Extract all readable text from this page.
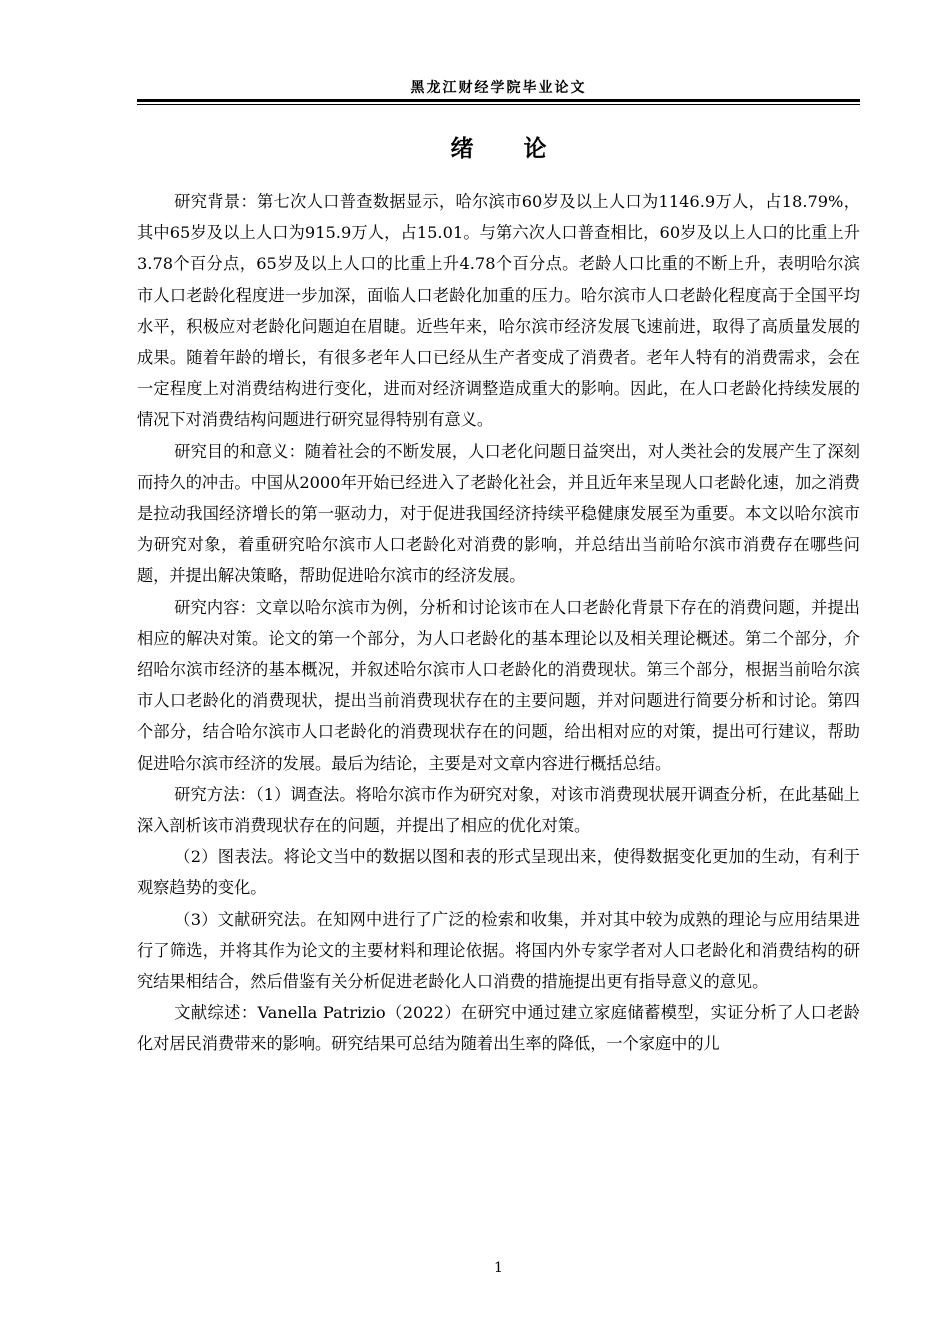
黑龙江财经学院毕业论文
绪 论

研究背景：第七次人口普查数据显示，哈尔滨市60岁及以上人口为1146.9万人，占18.79%，其中65岁及以上人口为915.9万人，占15.01。与第六次人口普查相比，60岁及以上人口的比重上升3.78个百分点，65岁及以上人口的比重上升4.78个百分点。老龄人口比重的不断上升，表明哈尔滨市人口老龄化程度进一步加深，面临人口老龄化加重的压力。哈尔滨市人口老龄化程度高于全国平均水平，积极应对老龄化问题迫在眉睫。近些年来，哈尔滨市经济发展飞速前进，取得了高质量发展的成果。随着年龄的增长，有很多老年人口已经从生产者变成了消费者。老年人特有的消费需求，会在一定程度上对消费结构进行变化，进而对经济调整造成重大的影响。因此，在人口老龄化持续发展的情况下对消费结构问题进行研究显得特别有意义。

研究目的和意义：随着社会的不断发展，人口老化问题日益突出，对人类社会的发展产生了深刻而持久的冲击。中国从2000年开始已经进入了老龄化社会，并且近年来呈现人口老龄化速，加之消费是拉动我国经济增长的第一驱动力，对于促进我国经济持续平稳健康发展至为重要。本文以哈尔滨市为研究对象，着重研究哈尔滨市人口老龄化对消费的影响，并总结出当前哈尔滨市消费存在哪些问题，并提出解决策略，帮助促进哈尔滨市的经济发展。

研究内容：文章以哈尔滨市为例，分析和讨论该市在人口老龄化背景下存在的消费问题，并提出相应的解决对策。论文的第一个部分，为人口老龄化的基本理论以及相关理论概述。第二个部分，介绍哈尔滨市经济的基本概况，并叙述哈尔滨市人口老龄化的消费现状。第三个部分，根据当前哈尔滨市人口老龄化的消费现状，提出当前消费现状存在的主要问题，并对问题进行简要分析和讨论。第四个部分，结合哈尔滨市人口老龄化的消费现状存在的问题，给出相对应的对策，提出可行建议，帮助促进哈尔滨市经济的发展。最后为结论，主要是对文章内容进行概括总结。

研究方法：（1）调查法。将哈尔滨市作为研究对象，对该市消费现状展开调查分析，在此基础上深入剖析该市消费现状存在的问题，并提出了相应的优化对策。

（2）图表法。将论文当中的数据以图和表的形式呈现出来，使得数据变化更加的生动，有利于观察趋势的变化。

（3）文献研究法。在知网中进行了广泛的检索和收集，并对其中较为成熟的理论与应用结果进行了筛选，并将其作为论文的主要材料和理论依据。将国内外专家学者对人口老龄化和消费结构的研究结果相结合，然后借鉴有关分析促进老龄化人口消费的措施提出更有指导意义的意见。

文献综述：Vanella Patrizio（2022）在研究中通过建立家庭储蓄模型，实证分析了人口老龄化对居民消费带来的影响。研究结果可总结为随着出生率的降低，一个家庭中的儿

1
